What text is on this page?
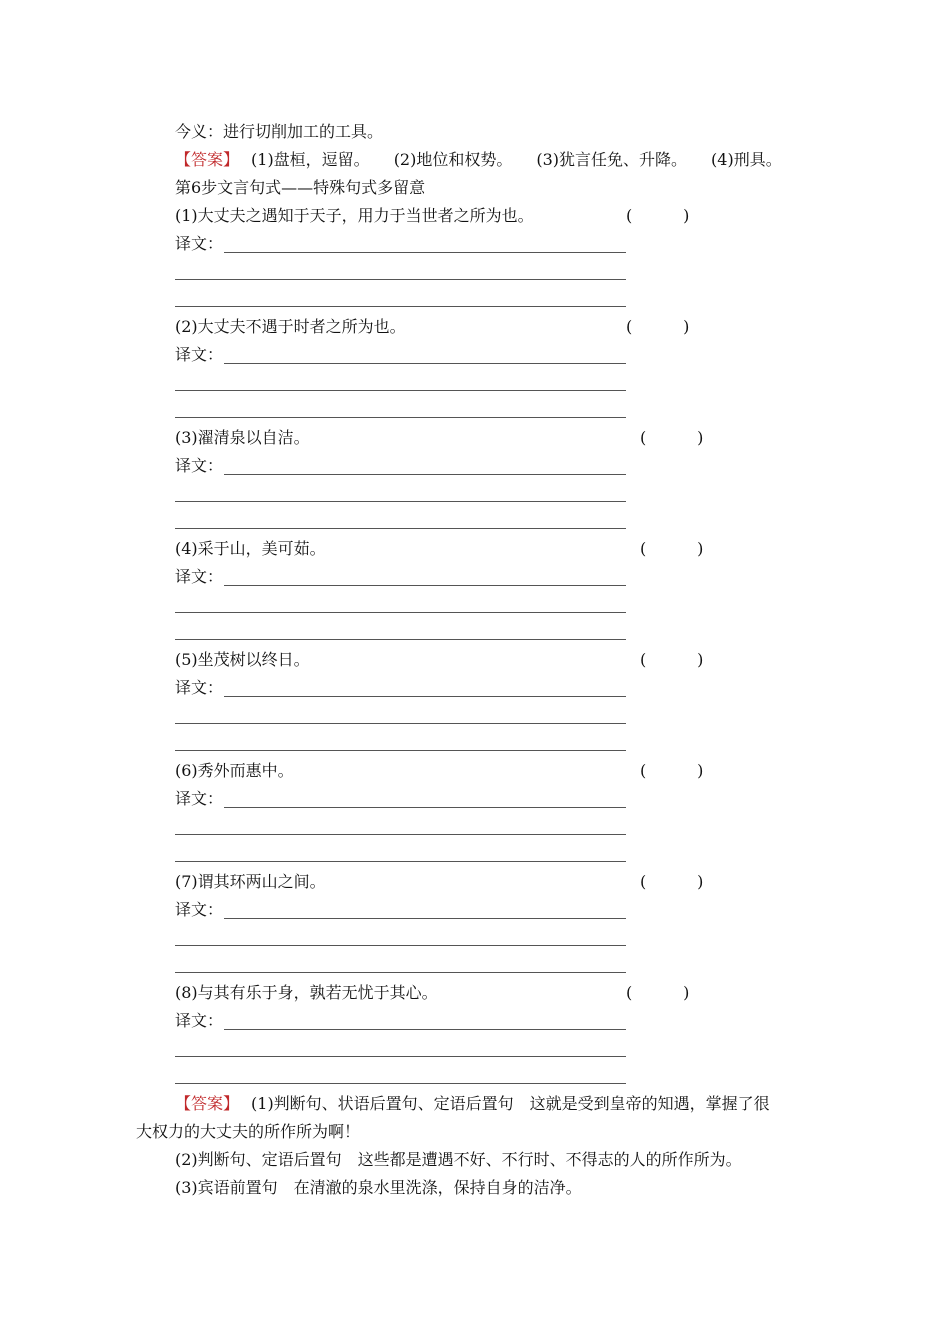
今义：进行切削加工的工具。
【答案】 (1)盘桓，逗留。 (2)地位和权势。 (3)犹言任免、升降。 (4)刑具。
第6步文言句式——特殊句式多留意
(1)大丈夫之遇知于天子，用力于当世者之所为也。	(          )
译文：
(2)大丈夫不遇于时者之所为也。	(          )
译文：
(3)濯清泉以自洁。	(          )
译文：
(4)采于山，美可茹。	(          )
译文：
(5)坐茂树以终日。	(          )
译文：
(6)秀外而惠中。	(          )
译文：
(7)谓其环两山之间。	(          )
译文：
(8)与其有乐于身，孰若无忧于其心。	(          )
译文：
【答案】 (1)判断句、状语后置句、定语后置句　这就是受到皇帝的知遇，掌握了很
大权力的大丈夫的所作所为啊！
(2)判断句、定语后置句　这些都是遭遇不好、不行时、不得志的人的所作所为。
(3)宾语前置句　在清澈的泉水里洗涤，保持自身的洁净。
